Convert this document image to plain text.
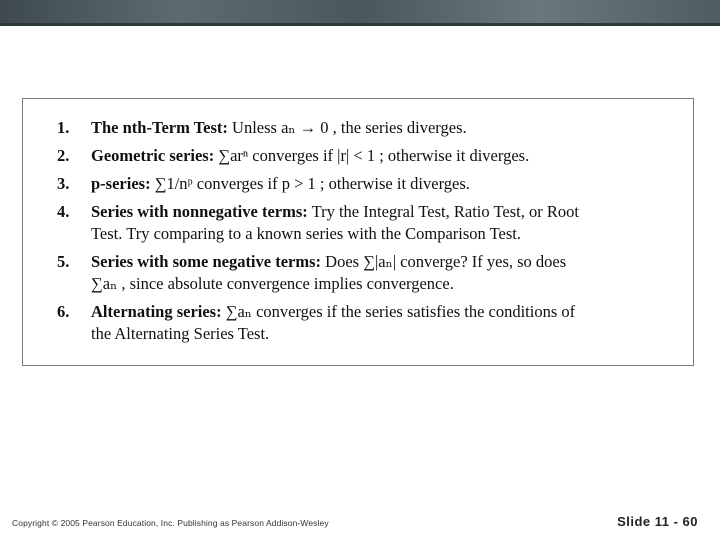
1.	The nth-Term Test: Unless aₙ → 0 , the series diverges.
2.	Geometric series: ∑arⁿ converges if |r| < 1 ; otherwise it diverges.
3.	p-series: ∑1/nᵖ converges if p > 1 ; otherwise it diverges.
4.	Series with nonnegative terms: Try the Integral Test, Ratio Test, or Root
Test. Try comparing to a known series with the Comparison Test.
5.	Series with some negative terms: Does ∑|aₙ| converge? If yes, so does
∑aₙ , since absolute convergence implies convergence.
6.	Alternating series: ∑aₙ converges if the series satisfies the conditions of
the Alternating Series Test.
Copyright © 2005 Pearson Education, Inc. Publishing as Pearson Addison-Wesley	Slide 11 - 60
